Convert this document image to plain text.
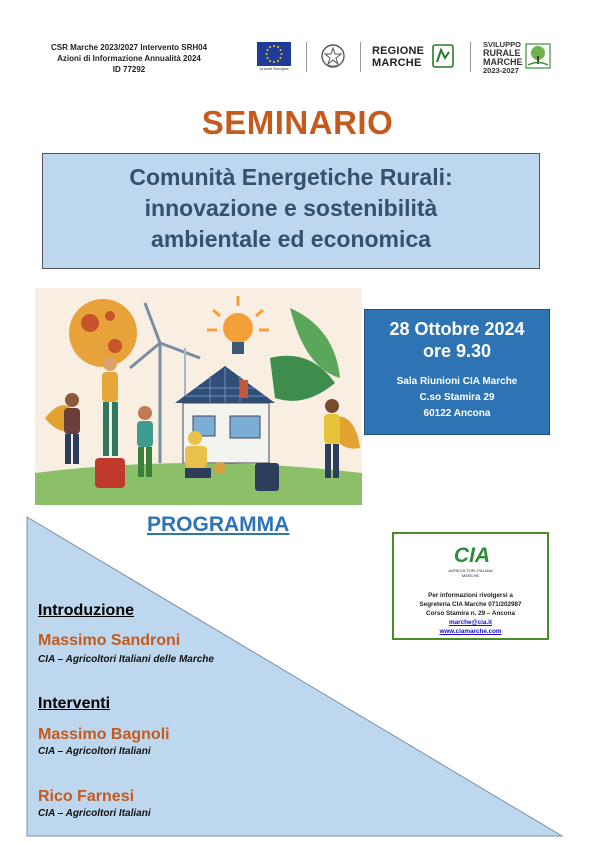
CSR Marche 2023/2027 Intervento SRH04
Azioni di Informazione Annualità 2024
ID 77292	Unione Europea
REGIONE
MARCHE
SVILUPPO
RURALE
MARCHE
2023-2027
SEMINARIO
Comunità Energetiche Rurali:
innovazione e sostenibilità
ambientale ed economica
28 Ottobre 2024
ore 9.30
Sala Riunioni CIA Marche
C.so Stamira 29
60122 Ancona
PROGRAMMA
CIA
AGRICOLTORI ITALIANI
MARCHE
Per informazioni rivolgersi a
Segreteria CIA Marche 071/202987
Corso Stamira n. 29 – Ancona
marche@cia.it
www.ciamarche.com
Introduzione
Massimo Sandroni
CIA – Agricoltori Italiani delle Marche
Interventi
Massimo Bagnoli
CIA – Agricoltori Italiani
Rico Farnesi
CIA – Agricoltori Italiani
